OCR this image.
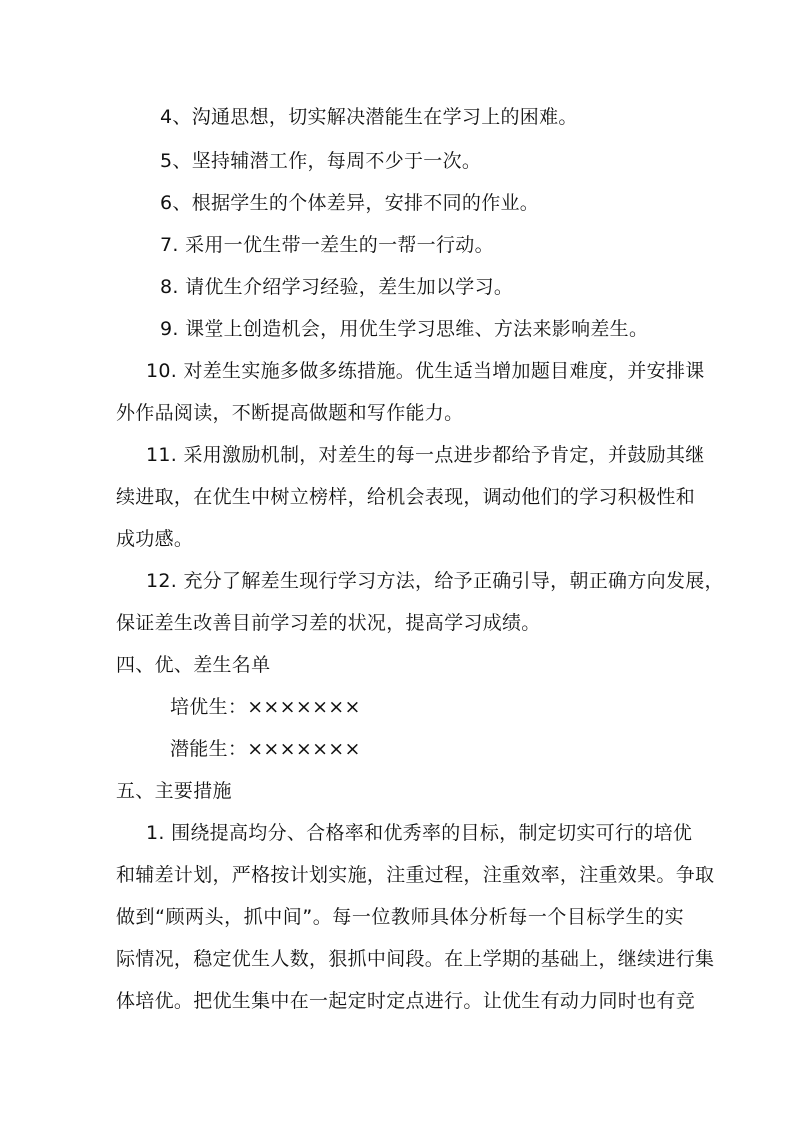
4、沟通思想，切实解决潜能生在学习上的困难。
5、坚持辅潜工作，每周不少于一次。
6、根据学生的个体差异，安排不同的作业。
7. 采用一优生带一差生的一帮一行动。
8. 请优生介绍学习经验，差生加以学习。
9. 课堂上创造机会，用优生学习思维、方法来影响差生。
10. 对差生实施多做多练措施。优生适当增加题目难度，并安排课
外作品阅读，不断提高做题和写作能力。
11. 采用激励机制，对差生的每一点进步都给予肯定，并鼓励其继
续进取，在优生中树立榜样，给机会表现，调动他们的学习积极性和
成功感。
12. 充分了解差生现行学习方法，给予正确引导，朝正确方向发展，
保证差生改善目前学习差的状况，提高学习成绩。
四、优、差生名单
培优生：×××××××
潜能生：×××××××
五、主要措施
1. 围绕提高均分、合格率和优秀率的目标，制定切实可行的培优
和辅差计划，严格按计划实施，注重过程，注重效率，注重效果。争取
做到“顾两头，抓中间”。每一位教师具体分析每一个目标学生的实
际情况，稳定优生人数，狠抓中间段。在上学期的基础上，继续进行集
体培优。把优生集中在一起定时定点进行。让优生有动力同时也有竞
